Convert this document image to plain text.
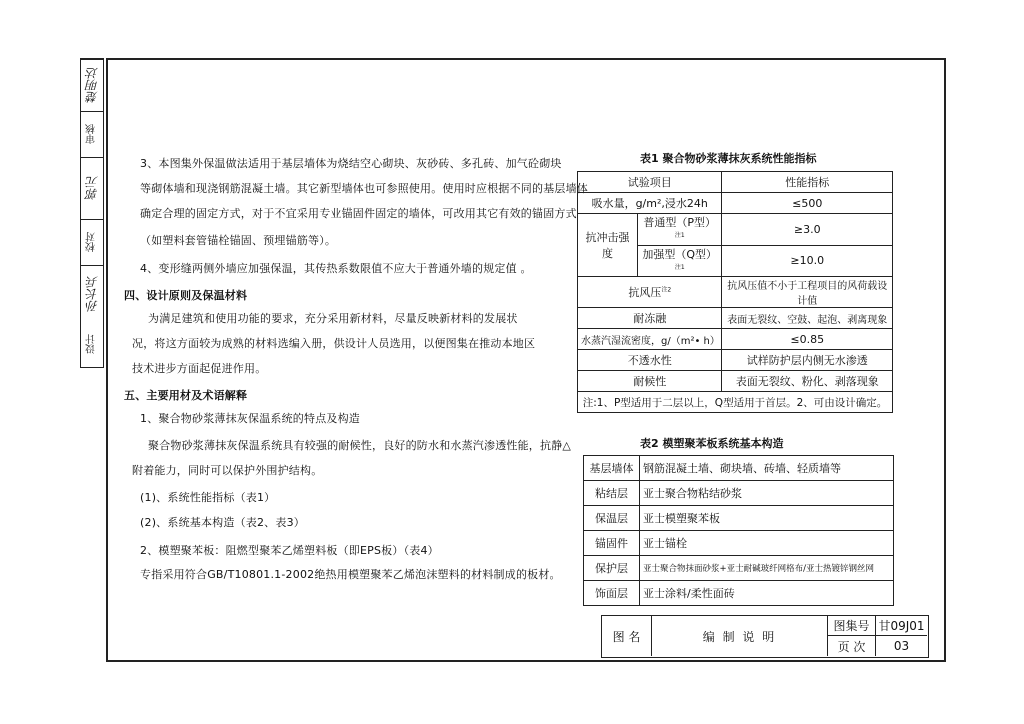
楚明达
审核
郭元
校对
孙长兵
设计
3、本图集外保温做法适用于基层墙体为烧结空心砌块、灰砂砖、多孔砖、加气砼砌块
等砌体墙和现浇钢筋混凝土墙。其它新型墙体也可参照使用。使用时应根据不同的基层墙体
确定合理的固定方式，对于不宜采用专业锚固件固定的墙体，可改用其它有效的锚固方式
（如塑料套管锚栓锚固、预埋锚筋等）。
4、变形缝两侧外墙应加强保温，其传热系数限值不应大于普通外墙的规定值 。
四、设计原则及保温材料
为满足建筑和使用功能的要求，充分采用新材料，尽量反映新材料的发展状
况，将这方面较为成熟的材料选编入册，供设计人员选用，以便图集在推动本地区
技术进步方面起促进作用。
五、主要用材及术语解释
1、聚合物砂浆薄抹灰保温系统的特点及构造
聚合物砂浆薄抹灰保温系统具有较强的耐候性，良好的防水和水蒸汽渗透性能，抗静△
附着能力，同时可以保护外围护结构。
(1)、系统性能指标（表1）
(2)、系统基本构造（表2、表3）
2、模塑聚苯板：阻燃型聚苯乙烯塑料板（即EPS板）（表4）
专指采用符合GB/T10801.1-2002绝热用模塑聚苯乙烯泡沫塑料的材料制成的板材。
表1 聚合物砂浆薄抹灰系统性能指标
试验项目		性能指标
吸水量，g/m²,浸水24h		≤500
抗冲击强度	普通型（P型）$^{注1}$	≥3.0
	加强型（Q型）$^{注1}$	≥10.0
抗风压$^{注2}$		抗风压值不小于工程项目的风荷载设计值
耐冻融		表面无裂纹、空鼓、起泡、剥离现象
水蒸汽湿流密度，g/（m²• h）		≤0.85
不透水性		试样防护层内侧无水渗透
耐候性		表面无裂纹、粉化、剥落现象
注:1、P型适用于二层以上，Q型适用于首层。2、可由设计确定。		
表2 模塑聚苯板系统基本构造
基层墙体	钢筋混凝土墙、砌块墙、砖墙、轻质墙等
粘结层	亚士聚合物粘结砂浆
保温层	亚士模塑聚苯板
锚固件	亚士锚栓
保护层	亚士聚合物抹面砂浆+亚士耐碱玻纤网格布/亚士热镀锌钢丝网
饰面层	亚士涂料/柔性面砖
图 名	编 制 说 明
图集号 甘09J01
页 次	03
